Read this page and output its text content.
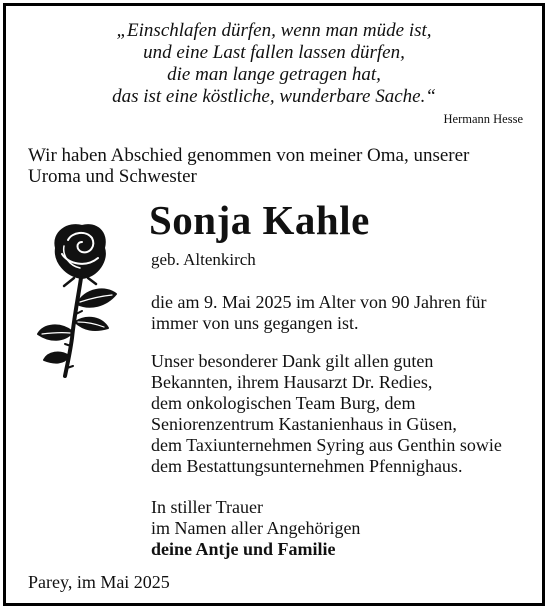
„Einschlafen dürfen, wenn man müde ist,
und eine Last fallen lassen dürfen,
die man lange getragen hat,
das ist eine köstliche, wunderbare Sache.“
Hermann Hesse
Wir haben Abschied genommen von meiner Oma, unserer
Uroma und Schwester
Sonja Kahle
geb. Altenkirch
die am 9. Mai 2025 im Alter von 90 Jahren für
immer von uns gegangen ist.
Unser besonderer Dank gilt allen guten
Bekannten, ihrem Hausarzt Dr. Redies,
dem onkologischen Team Burg, dem
Seniorenzentrum Kastanienhaus in Güsen,
dem Taxiunternehmen Syring aus Genthin sowie
dem Bestattungsunternehmen Pfennighaus.
In stiller Trauer
im Namen aller Angehörigen
deine Antje und Familie
Parey, im Mai 2025
